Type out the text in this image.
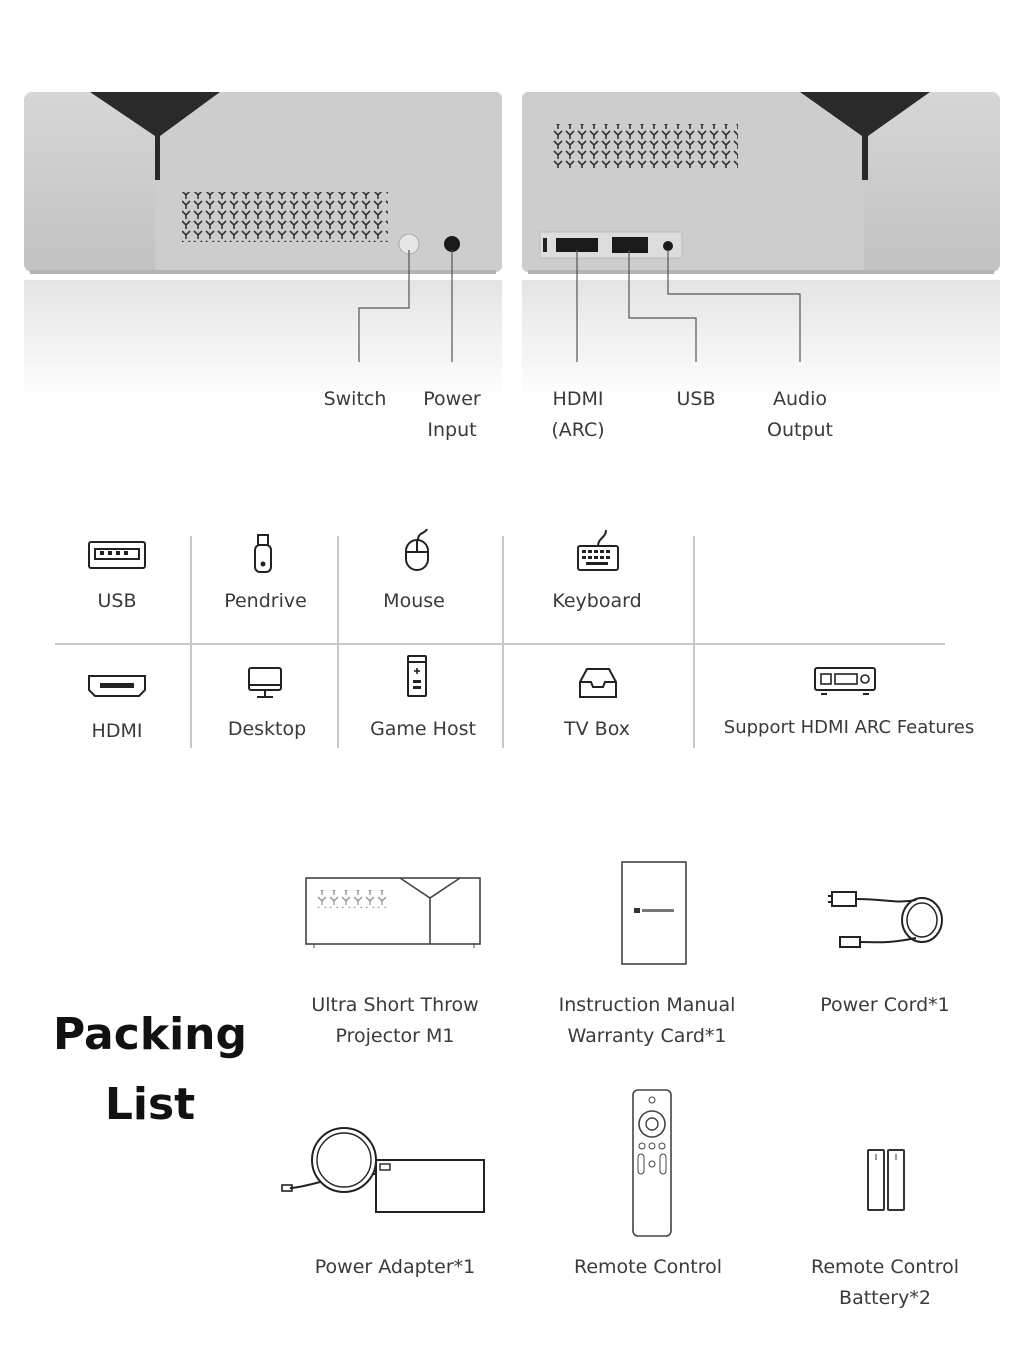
Switch	Power
Input
HDMI
(ARC)
USB	Audio
Output
USB	Pendrive	Mouse	Keyboard
HDMI	Desktop	Game Host	TV Box	Support HDMI ARC Features
Packing
List
Ultra Short Throw
Projector M1
Instruction Manual
Warranty Card*1
Power Cord*1
Power Adapter*1	Remote Control	Remote Control
Battery*2
